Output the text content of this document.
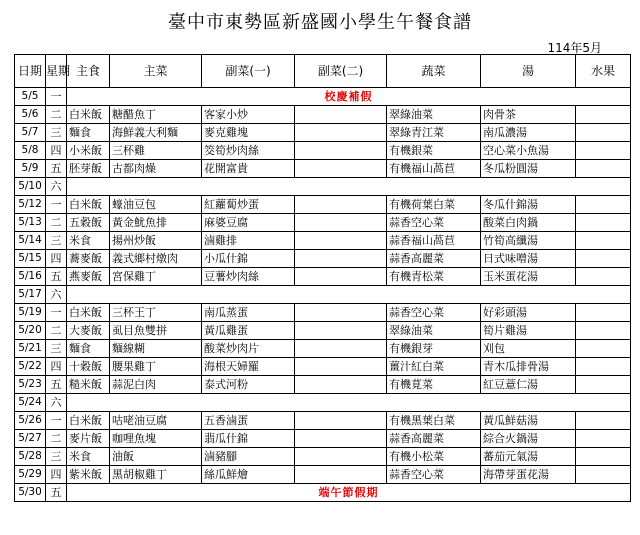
臺中市東勢區新盛國小學生午餐食譜
114年5月
日期	星期	主食	主菜	副菜(一)	副菜(二)	蔬菜	湯	水果
5/5	一	校慶補假						
5/6	二	白米飯	糖醋魚丁	客家小炒		翠綠油菜	肉骨茶	
5/7	三	麵食	海鮮義大利麵	麥克雞塊		翠綠青江菜	南瓜濃湯	
5/8	四	小米飯	三杯雞	筊筍炒肉絲		有機銀菜	空心菜小魚湯	
5/9	五	胚芽飯	古都肉燥	花開富貴		有機福山萵苣	冬瓜粉圓湯	
5/10	六							
5/12	一	白米飯	蠔油豆包	紅蘿蔔炒蛋		有機荷葉白菜	冬瓜什錦湯	
5/13	二	五穀飯	黃金魷魚排	麻婆豆腐		蒜香空心菜	酸菜白肉鍋	
5/14	三	米食	揚州炒飯	滷雞排		蒜香福山萵苣	竹筍高纖湯	
5/15	四	蕎麥飯	義式鄉村燉肉	小瓜什錦		蒜香高麗菜	日式味噌湯	
5/16	五	燕麥飯	宮保雞丁	豆薯炒肉絲		有機青松菜	玉米蛋花湯	
5/17	六							
5/19	一	白米飯	三杯王丁	南瓜蒸蛋		蒜香空心菜	好彩頭湯	
5/20	二	大麥飯	虱目魚雙拼	黃瓜雞蛋		翠綠油菜	筍片雞湯	
5/21	三	麵食	麵線糊	酸菜炒肉片		有機銀芽	刈包	
5/22	四	十穀飯	腰果雞丁	海根天婦羅		薑汁紅白菜	青木瓜排骨湯	
5/23	五	糙米飯	蒜泥白肉	泰式河粉		有機莧菜	紅豆薏仁湯	
5/24	六							
5/26	一	白米飯	咕咾油豆腐	五香滷蛋		有機黑葉白菜	黃瓜鮮菇湯	
5/27	二	麥片飯	咖哩魚塊	翡瓜什錦		蒜香高麗菜	綜合火鍋湯	
5/28	三	米食	油飯	滷豬腳		有機小松菜	蕃茄元氣湯	
5/29	四	紫米飯	黑胡椒雞丁	絲瓜鮮燴		蒜香空心菜	海帶芽蛋花湯	
5/30	五	端午節假期						
